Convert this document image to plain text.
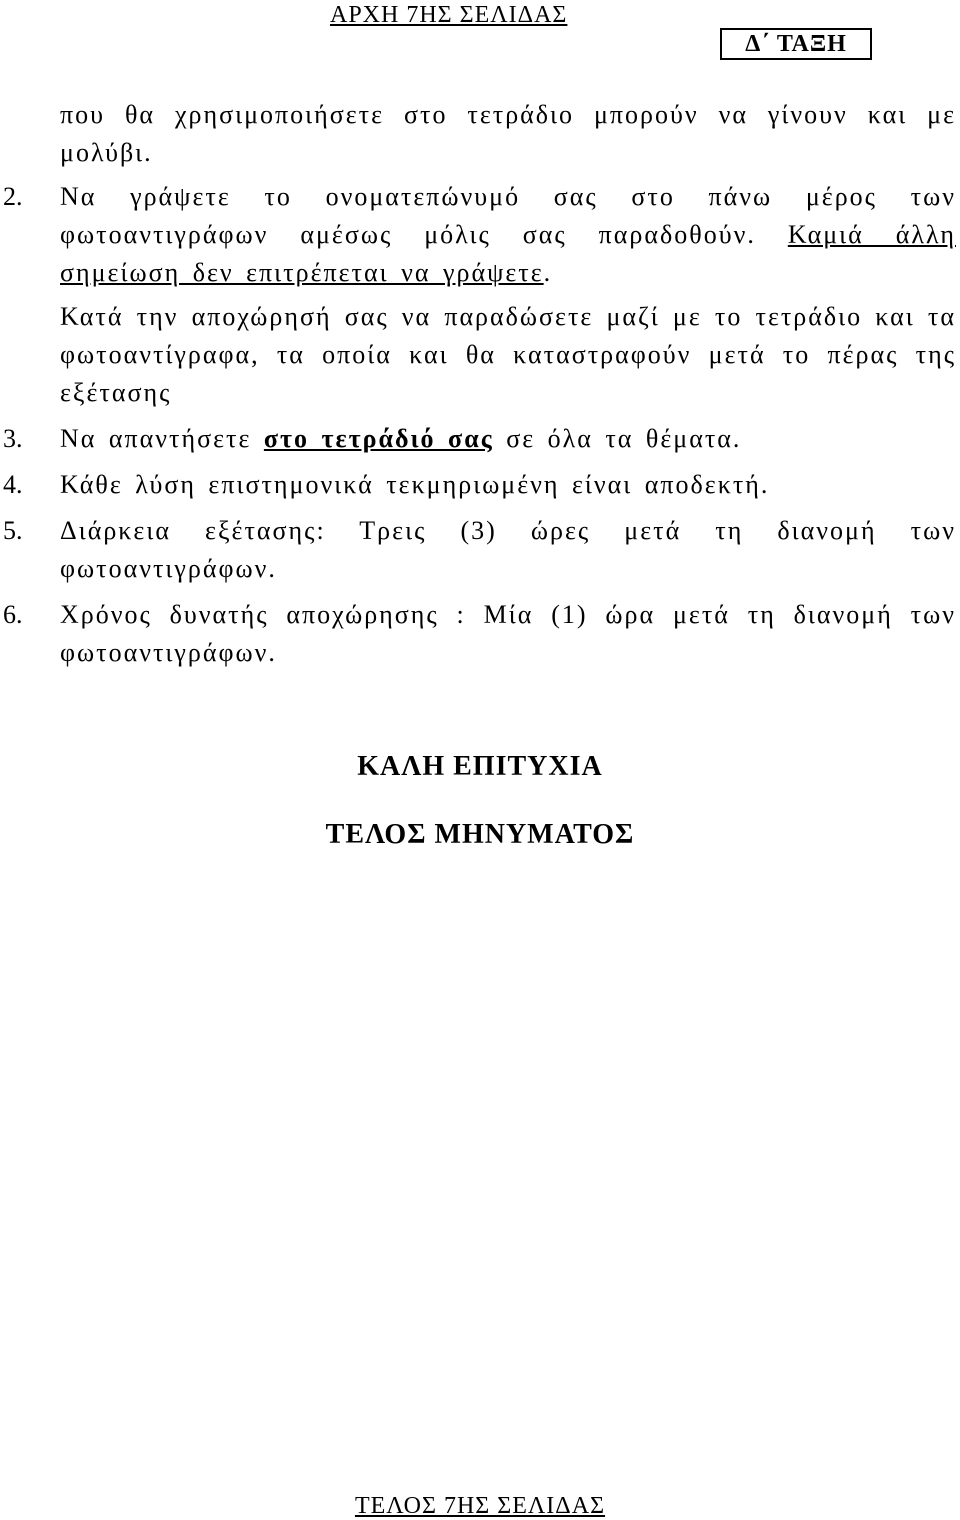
ΑΡΧΗ 7ΗΣ ΣΕΛΙΔΑΣ
Δ΄ ΤΑΞΗ

που θα χρησιμοποιήσετε στο τετράδιο μπορούν να γίνουν και με μολύβι.

2. Να γράψετε το ονοματεπώνυμό σας στο πάνω μέρος των φωτοαντιγράφων αμέσως μόλις σας παραδοθούν. Καμιά άλλη σημείωση δεν επιτρέπεται να γράψετε.

Κατά την αποχώρησή σας να παραδώσετε μαζί με το τετράδιο και τα φωτοαντίγραφα, τα οποία και θα καταστραφούν μετά το πέρας της εξέτασης

3. Να απαντήσετε στο τετράδιό σας σε όλα τα θέματα.

4. Κάθε λύση επιστημονικά τεκμηριωμένη είναι αποδεκτή.

5. Διάρκεια εξέτασης: Τρεις (3) ώρες μετά τη διανομή των φωτοαντιγράφων.

6. Χρόνος δυνατής αποχώρησης : Μία (1) ώρα μετά τη διανομή των φωτοαντιγράφων.

ΚΑΛΗ ΕΠΙΤΥΧΙΑ
ΤΕΛΟΣ ΜΗΝΥΜΑΤΟΣ
ΤΕΛΟΣ 7ΗΣ ΣΕΛΙΔΑΣ
